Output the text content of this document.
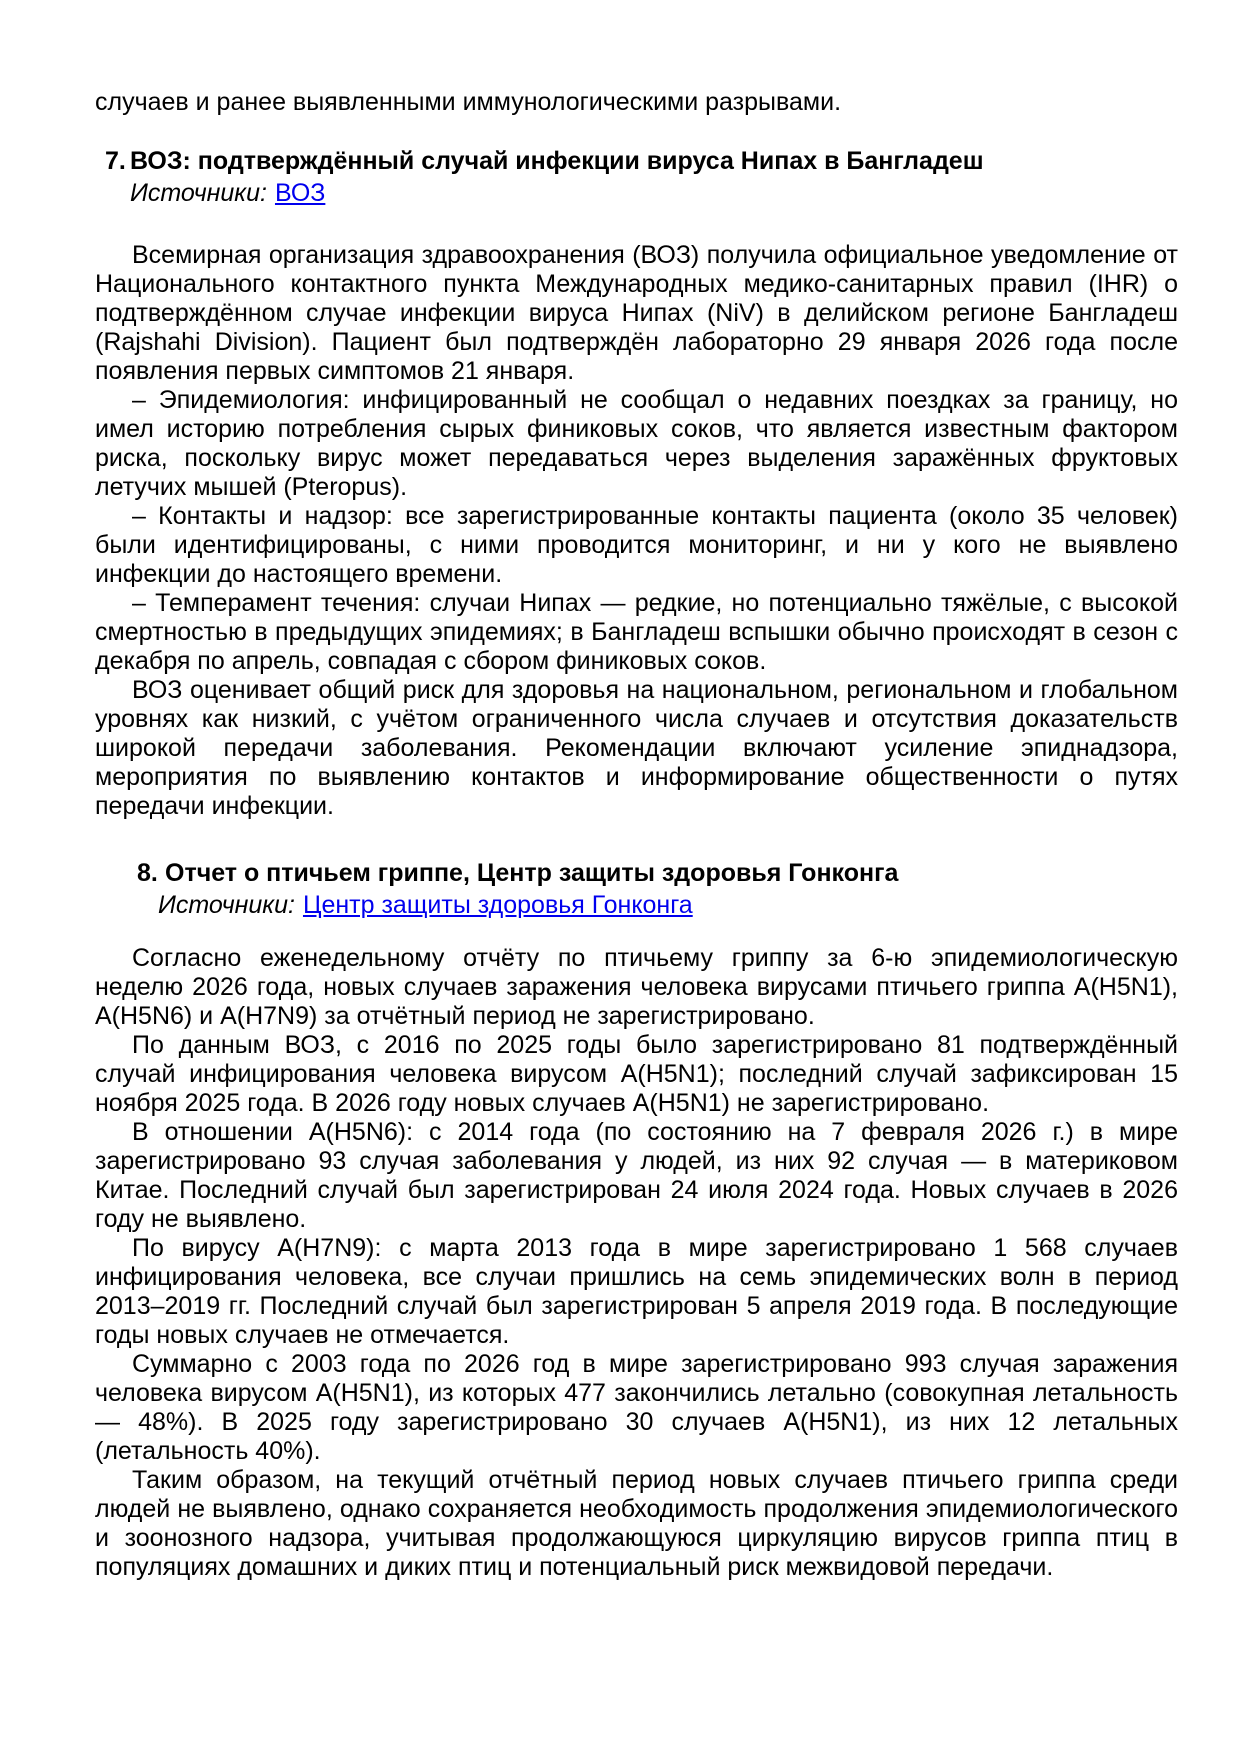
случаев и ранее выявленными иммунологическими разрывами.

7. ВОЗ: подтверждённый случай инфекции вируса Нипах в Бангладеш
Источники: ВОЗ

Всемирная организация здравоохранения (ВОЗ) получила официальное уведомление от Национального контактного пункта Международных медико-санитарных правил (IHR) о подтверждённом случае инфекции вируса Нипах (NiV) в делийском регионе Бангладеш (Rajshahi Division). Пациент был подтверждён лабораторно 29 января 2026 года после появления первых симптомов 21 января.

– Эпидемиология: инфицированный не сообщал о недавних поездках за границу, но имел историю потребления сырых финиковых соков, что является известным фактором риска, поскольку вирус может передаваться через выделения заражённых фруктовых летучих мышей (Pteropus).

– Контакты и надзор: все зарегистрированные контакты пациента (около 35 человек) были идентифицированы, с ними проводится мониторинг, и ни у кого не выявлено инфекции до настоящего времени.

– Темперамент течения: случаи Нипах — редкие, но потенциально тяжёлые, с высокой смертностью в предыдущих эпидемиях; в Бангладеш вспышки обычно происходят в сезон с декабря по апрель, совпадая с сбором финиковых соков.

ВОЗ оценивает общий риск для здоровья на национальном, региональном и глобальном уровнях как низкий, с учётом ограниченного числа случаев и отсутствия доказательств широкой передачи заболевания. Рекомендации включают усиление эпиднадзора, мероприятия по выявлению контактов и информирование общественности о путях передачи инфекции.

8. Отчет о птичьем гриппе, Центр защиты здоровья Гонконга
Источники: Центр защиты здоровья Гонконга

Согласно еженедельному отчёту по птичьему гриппу за 6-ю эпидемиологическую неделю 2026 года, новых случаев заражения человека вирусами птичьего гриппа A(H5N1), A(H5N6) и A(H7N9) за отчётный период не зарегистрировано.

По данным ВОЗ, с 2016 по 2025 годы было зарегистрировано 81 подтверждённый случай инфицирования человека вирусом A(H5N1); последний случай зафиксирован 15 ноября 2025 года. В 2026 году новых случаев A(H5N1) не зарегистрировано.

В отношении A(H5N6): с 2014 года (по состоянию на 7 февраля 2026 г.) в мире зарегистрировано 93 случая заболевания у людей, из них 92 случая — в материковом Китае. Последний случай был зарегистрирован 24 июля 2024 года. Новых случаев в 2026 году не выявлено.

По вирусу A(H7N9): с марта 2013 года в мире зарегистрировано 1 568 случаев инфицирования человека, все случаи пришлись на семь эпидемических волн в период 2013–2019 гг. Последний случай был зарегистрирован 5 апреля 2019 года. В последующие годы новых случаев не отмечается.

Суммарно с 2003 года по 2026 год в мире зарегистрировано 993 случая заражения человека вирусом A(H5N1), из которых 477 закончились летально (совокупная летальность — 48%). В 2025 году зарегистрировано 30 случаев A(H5N1), из них 12 летальных (летальность 40%).

Таким образом, на текущий отчётный период новых случаев птичьего гриппа среди людей не выявлено, однако сохраняется необходимость продолжения эпидемиологического и зоонозного надзора, учитывая продолжающуюся циркуляцию вирусов гриппа птиц в популяциях домашних и диких птиц и потенциальный риск межвидовой передачи.
